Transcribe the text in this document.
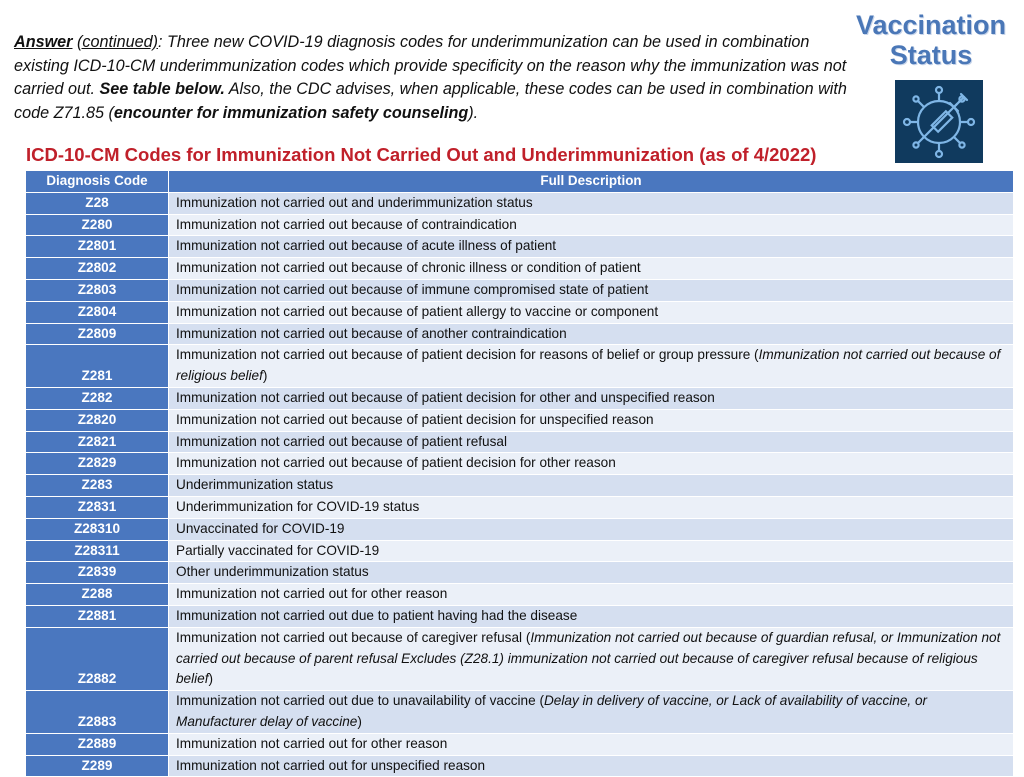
Answer (continued): Three new COVID-19 diagnosis codes for underimmunization can be used in combination existing ICD-10-CM underimmunization codes which provide specificity on the reason why the immunization was not carried out. See table below. Also, the CDC advises, when applicable, these codes can be used in combination with code Z71.85 (encounter for immunization safety counseling).
Vaccination
Status
ICD-10-CM Codes for Immunization Not Carried Out and Underimmunization (as of 4/2022)
Diagnosis Code	Full Description
Z28	Immunization not carried out and underimmunization status
Z280	Immunization not carried out because of contraindication
Z2801	Immunization not carried out because of acute illness of patient
Z2802	Immunization not carried out because of chronic illness or condition of patient
Z2803	Immunization not carried out because of immune compromised state of patient
Z2804	Immunization not carried out because of patient allergy to vaccine or component
Z2809	Immunization not carried out because of another contraindication
Z281	Immunization not carried out because of patient decision for reasons of belief or group pressure (Immunization not carried out because of religious belief)
Z282	Immunization not carried out because of patient decision for other and unspecified reason
Z2820	Immunization not carried out because of patient decision for unspecified reason
Z2821	Immunization not carried out because of patient refusal
Z2829	Immunization not carried out because of patient decision for other reason
Z283	Underimmunization status
Z2831	Underimmunization for COVID-19 status
Z28310	Unvaccinated for COVID-19
Z28311	Partially vaccinated for COVID-19
Z2839	Other underimmunization status
Z288	Immunization not carried out for other reason
Z2881	Immunization not carried out due to patient having had the disease
Z2882	Immunization not carried out because of caregiver refusal (Immunization not carried out because of guardian refusal, or Immunization not carried out because of parent refusal Excludes (Z28.1) immunization not carried out because of caregiver refusal because of religious belief)
Z2883	Immunization not carried out due to unavailability of vaccine (Delay in delivery of vaccine, or Lack of availability of vaccine, or Manufacturer delay of vaccine)
Z2889	Immunization not carried out for other reason
Z289	Immunization not carried out for unspecified reason
